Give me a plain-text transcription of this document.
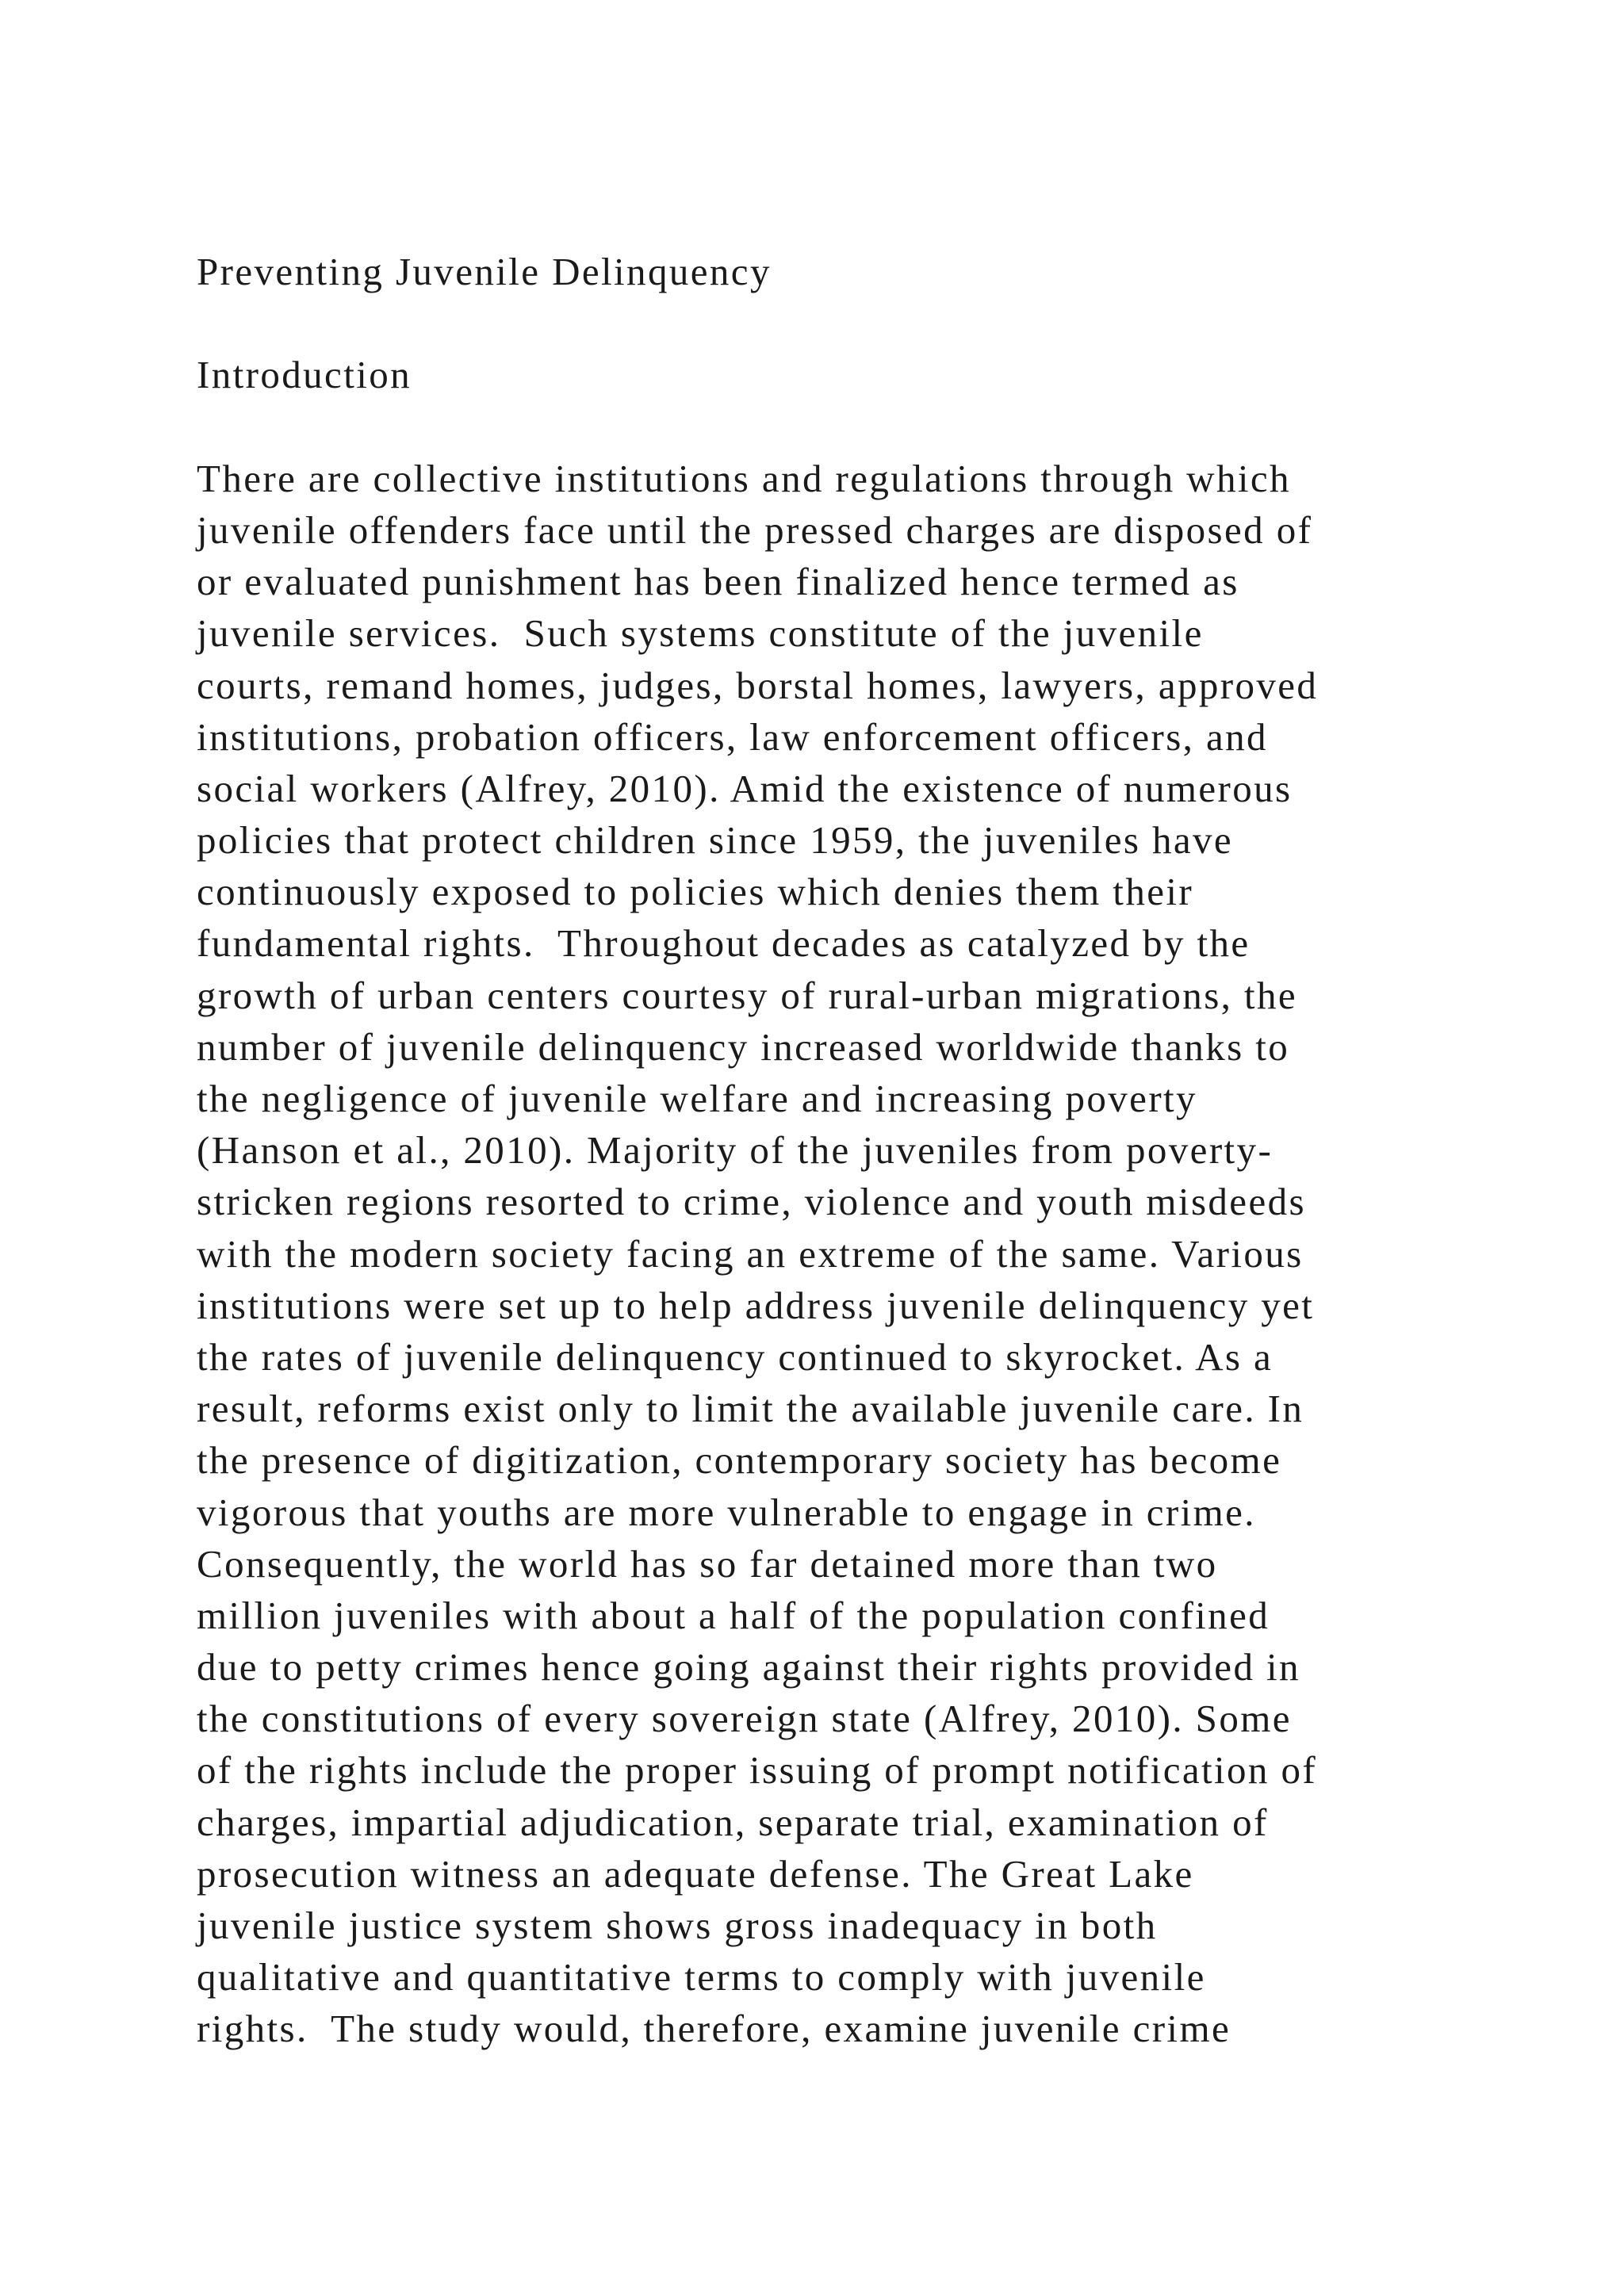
Preventing Juvenile Delinquency
Introduction
There are collective institutions and regulations through which
juvenile offenders face until the pressed charges are disposed of
or evaluated punishment has been finalized hence termed as
juvenile services.  Such systems constitute of the juvenile
courts, remand homes, judges, borstal homes, lawyers, approved
institutions, probation officers, law enforcement officers, and
social workers (Alfrey, 2010). Amid the existence of numerous
policies that protect children since 1959, the juveniles have
continuously exposed to policies which denies them their
fundamental rights.  Throughout decades as catalyzed by the
growth of urban centers courtesy of rural-urban migrations, the
number of juvenile delinquency increased worldwide thanks to
the negligence of juvenile welfare and increasing poverty
(Hanson et al., 2010). Majority of the juveniles from poverty-
stricken regions resorted to crime, violence and youth misdeeds
with the modern society facing an extreme of the same. Various
institutions were set up to help address juvenile delinquency yet
the rates of juvenile delinquency continued to skyrocket. As a
result, reforms exist only to limit the available juvenile care. In
the presence of digitization, contemporary society has become
vigorous that youths are more vulnerable to engage in crime.
Consequently, the world has so far detained more than two
million juveniles with about a half of the population confined
due to petty crimes hence going against their rights provided in
the constitutions of every sovereign state (Alfrey, 2010). Some
of the rights include the proper issuing of prompt notification of
charges, impartial adjudication, separate trial, examination of
prosecution witness an adequate defense. The Great Lake
juvenile justice system shows gross inadequacy in both
qualitative and quantitative terms to comply with juvenile
rights.  The study would, therefore, examine juvenile crime
